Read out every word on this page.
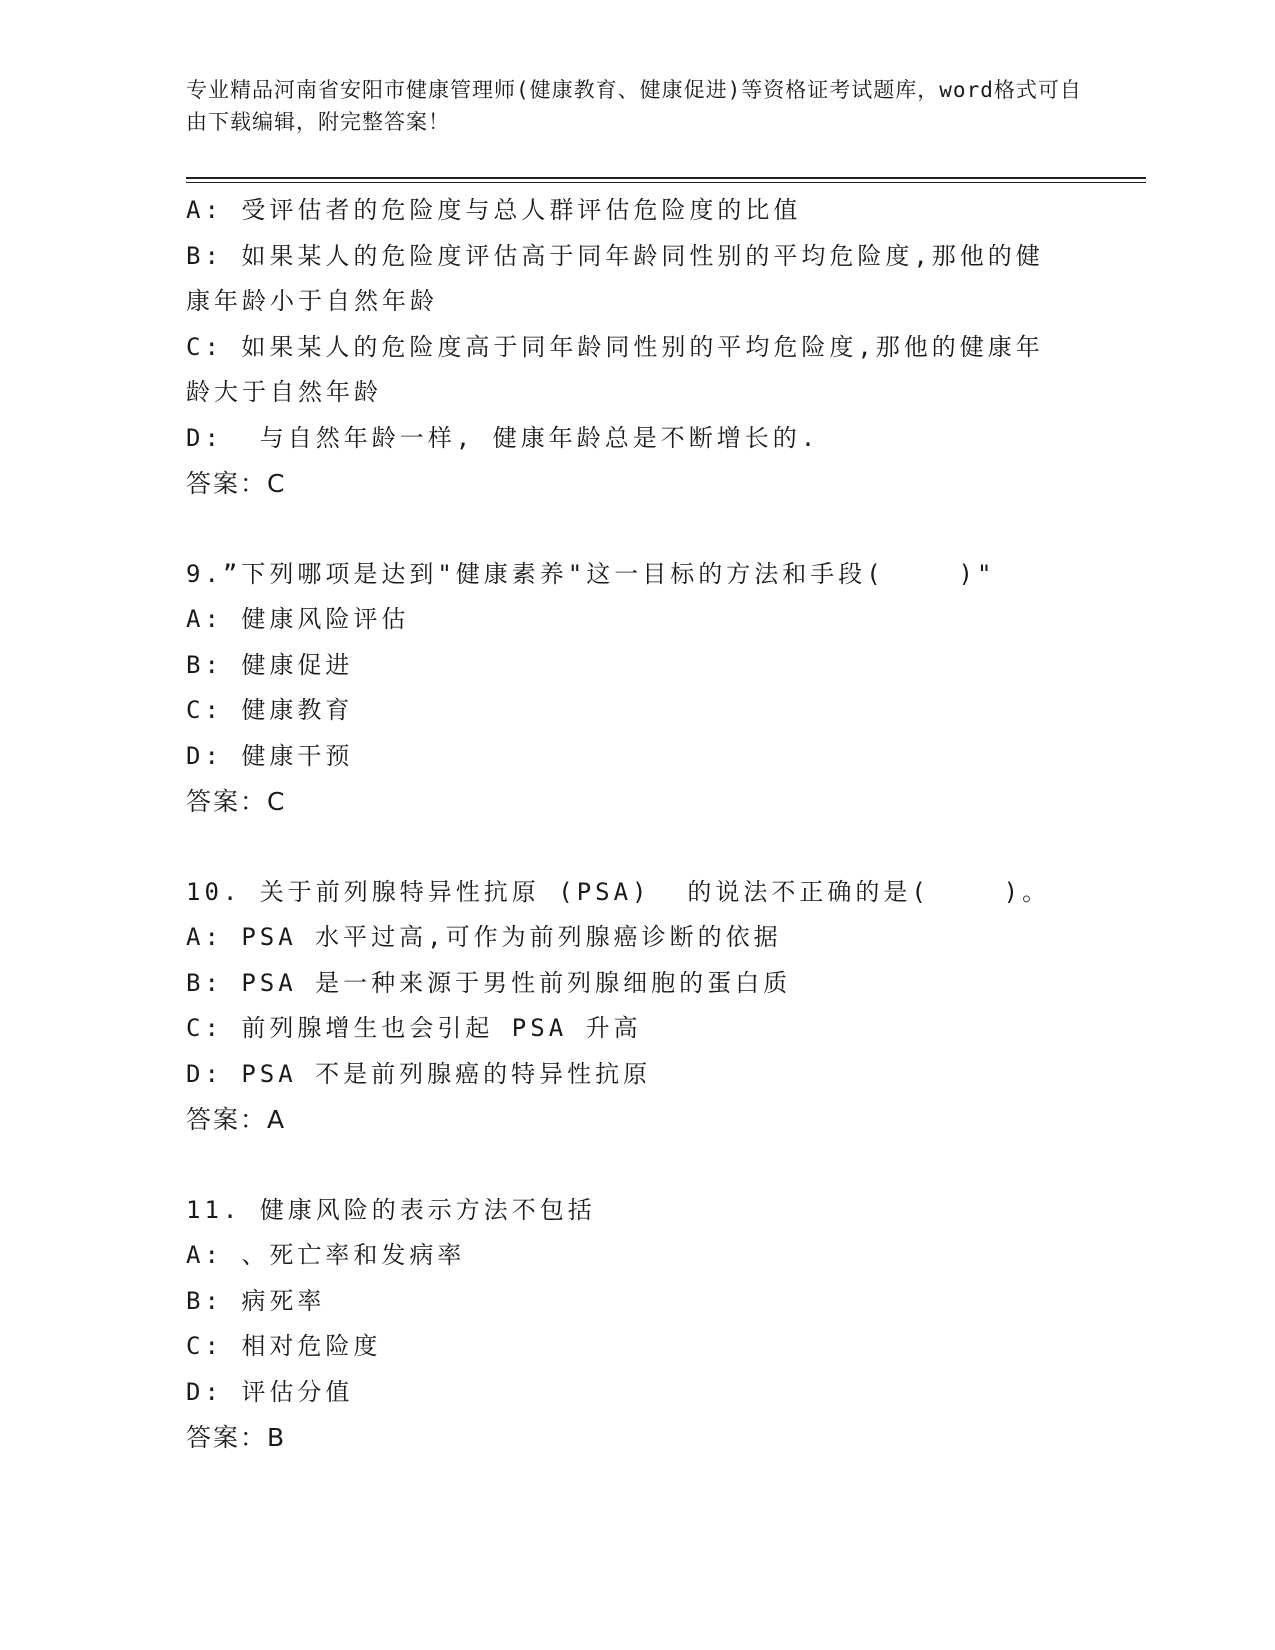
专业精品河南省安阳市健康管理师(健康教育、健康促进)等资格证考试题库，word格式可自由下载编辑，附完整答案！
A: 受评估者的危险度与总人群评估危险度的比值
B: 如果某人的危险度评估高于同年龄同性别的平均危险度,那他的健
康年龄小于自然年龄
C: 如果某人的危险度高于同年龄同性别的平均危险度,那他的健康年
龄大于自然年龄
D:  与自然年龄一样, 健康年龄总是不断增长的.
答案：C
9.”下列哪项是达到"健康素养"这一目标的方法和手段(    )"
A: 健康风险评估
B: 健康促进
C: 健康教育
D: 健康干预
答案：C
10. 关于前列腺特异性抗原 (PSA)  的说法不正确的是(    )。
A: PSA 水平过高,可作为前列腺癌诊断的依据
B: PSA 是一种来源于男性前列腺细胞的蛋白质
C: 前列腺增生也会引起 PSA 升高
D: PSA 不是前列腺癌的特异性抗原
答案：A
11. 健康风险的表示方法不包括
A: 、死亡率和发病率
B: 病死率
C: 相对危险度
D: 评估分值
答案：B
